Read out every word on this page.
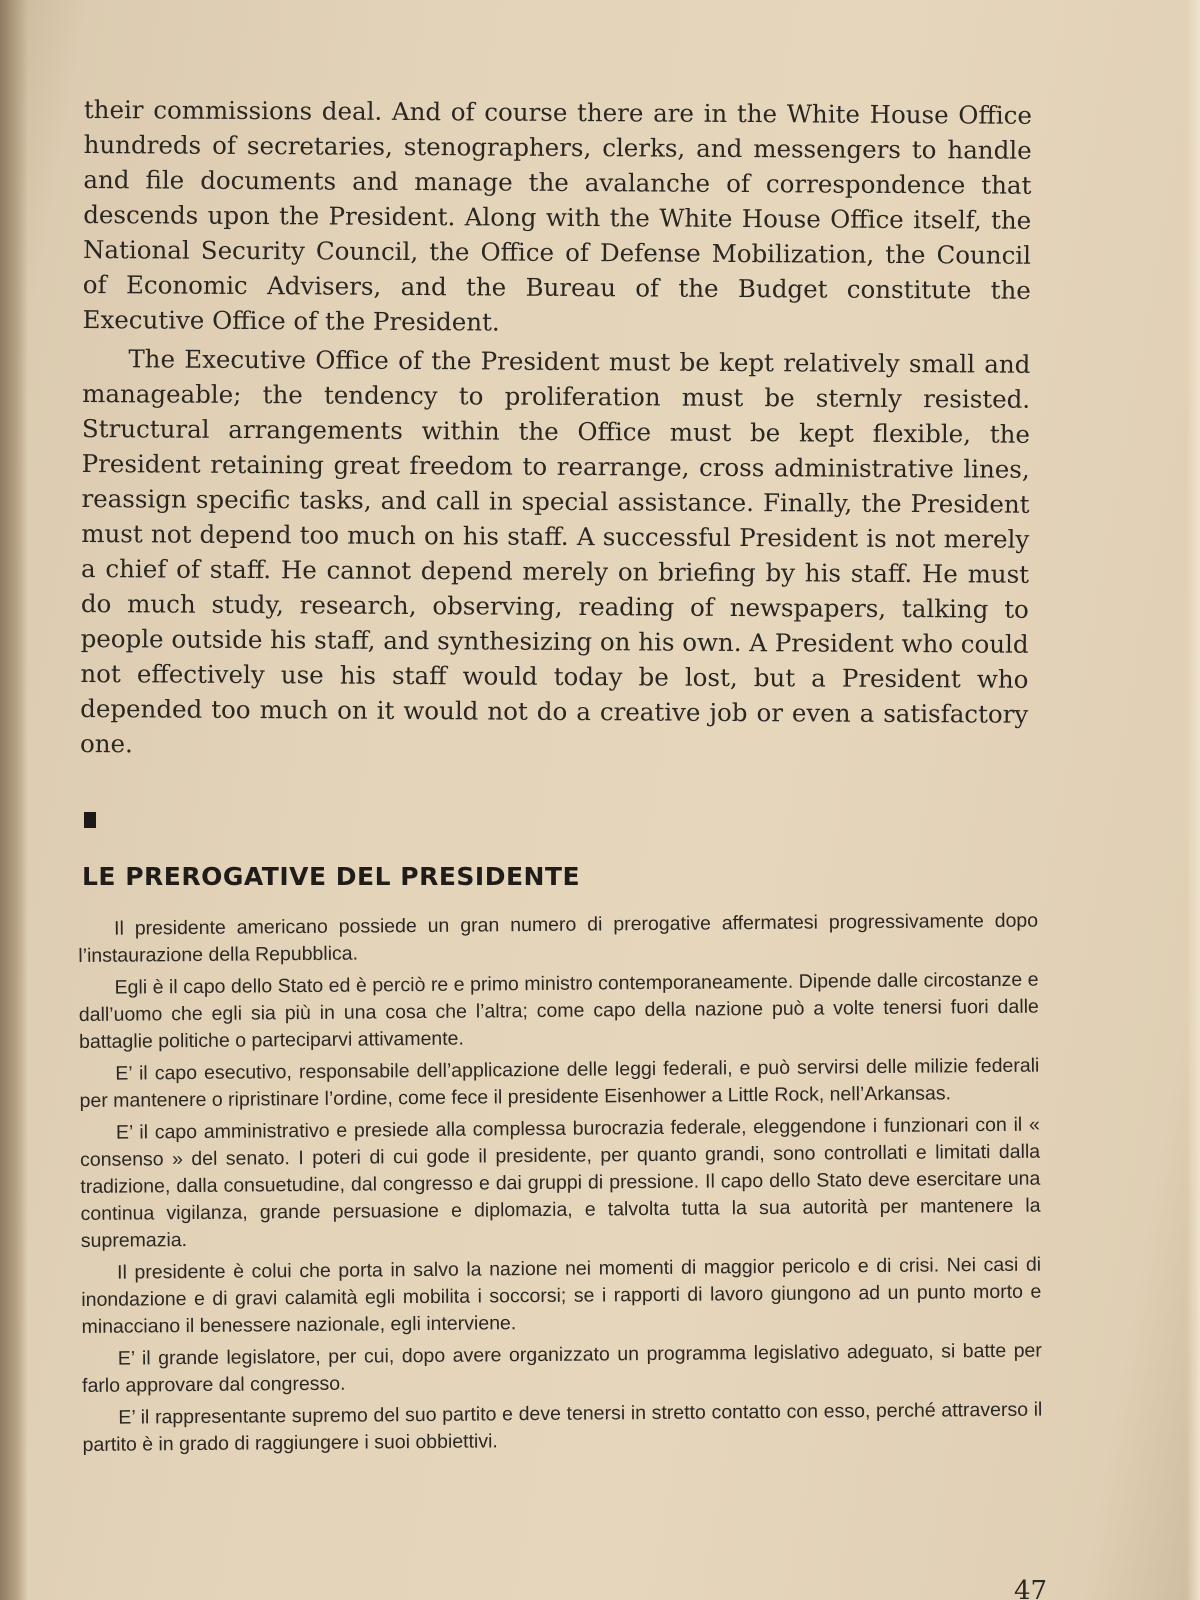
their commissions deal. And of course there are in the White House Office hundreds of secretaries, stenographers, clerks, and messengers to handle and file documents and manage the avalanche of correspondence that descends upon the President. Along with the White House Office itself, the National Security Council, the Office of Defense Mobilization, the Council of Economic Advisers, and the Bureau of the Budget constitute the Executive Office of the President.

The Executive Office of the President must be kept relatively small and manageable; the tendency to proliferation must be sternly resisted. Structural arrangements within the Office must be kept flexible, the President retaining great freedom to rearrange, cross administrative lines, reassign specific tasks, and call in special assistance. Finally, the President must not depend too much on his staff. A successful President is not merely a chief of staff. He cannot depend merely on briefing by his staff. He must do much study, research, observing, reading of newspapers, talking to people outside his staff, and synthesizing on his own. A President who could not effectively use his staff would today be lost, but a President who depended too much on it would not do a creative job or even a satisfactory one.

LE PREROGATIVE DEL PRESIDENTE

Il presidente americano possiede un gran numero di prerogative affermatesi progressivamente dopo l’instaurazione della Repubblica.

Egli è il capo dello Stato ed è perciò re e primo ministro contemporaneamente. Dipende dalle circostanze e dall’uomo che egli sia più in una cosa che l’altra; come capo della nazione può a volte tenersi fuori dalle battaglie politiche o parteciparvi attivamente.

E’ il capo esecutivo, responsabile dell’applicazione delle leggi federali, e può servirsi delle milizie federali per mantenere o ripristinare l’ordine, come fece il presidente Eisenhower a Little Rock, nell’Arkansas.

E’ il capo amministrativo e presiede alla complessa burocrazia federale, eleggendone i funzionari con il « consenso » del senato. I poteri di cui gode il presidente, per quanto grandi, sono controllati e limitati dalla tradizione, dalla consuetudine, dal congresso e dai gruppi di pressione. Il capo dello Stato deve esercitare una continua vigilanza, grande persuasione e diplomazia, e talvolta tutta la sua autorità per mantenere la supremazia.

Il presidente è colui che porta in salvo la nazione nei momenti di maggior pericolo e di crisi. Nei casi di inondazione e di gravi calamità egli mobilita i soccorsi; se i rapporti di lavoro giungono ad un punto morto e minacciano il benessere nazionale, egli interviene.

E’ il grande legislatore, per cui, dopo avere organizzato un programma legislativo adeguato, si batte per farlo approvare dal congresso.

E’ il rappresentante supremo del suo partito e deve tenersi in stretto contatto con esso, perché attraverso il partito è in grado di raggiungere i suoi obbiettivi.

47
